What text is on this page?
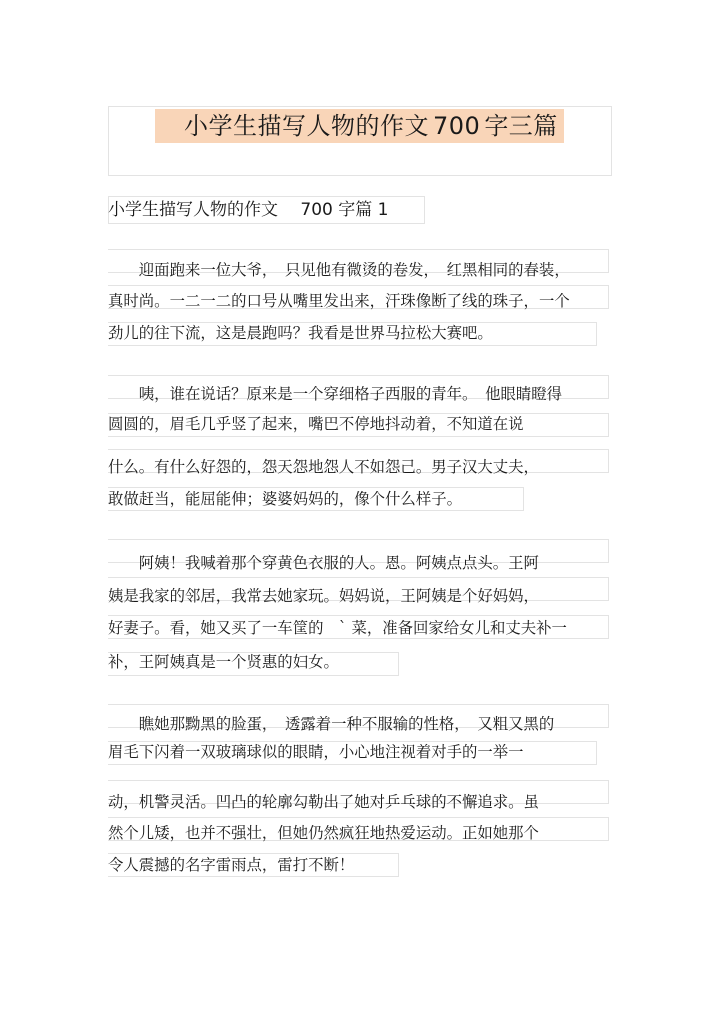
小学生描写人物的作文 700 字三篇
小学生描写人物的作文　 700 字篇 1
　　迎面跑来一位大爷，　只见他有微烫的卷发，　红黑相同的春装，
真时尚。一二一二的口号从嘴里发出来，汗珠像断了线的珠子，一个
劲儿的往下流，这是晨跑吗？我看是世界马拉松大赛吧。
　　咦，谁在说话？原来是一个穿细格子西服的青年。　他眼睛瞪得
圆圆的，眉毛几乎竖了起来，嘴巴不停地抖动着，不知道在说
什么。有什么好怨的，怨天怨地怨人不如怨己。男子汉大丈夫，
敢做赶当，能屈能伸；婆婆妈妈的，像个什么样子。
　　阿姨！我喊着那个穿黄色衣服的人。恩。阿姨点点头。王阿
姨是我家的邻居，我常去她家玩。妈妈说，王阿姨是个好妈妈，
好妻子。看，她又买了一车筐的　` 菜，准备回家给女儿和丈夫补一
补，王阿姨真是一个贤惠的妇女。
　　瞧她那黝黑的脸蛋，　透露着一种不服输的性格，　又粗又黑的
眉毛下闪着一双玻璃球似的眼睛，小心地注视着对手的一举一
动，机警灵活。凹凸的轮廓勾勒出了她对乒乓球的不懈追求。虽
然个儿矮，也并不强壮，但她仍然疯狂地热爱运动。正如她那个
令人震撼的名字雷雨点，雷打不断！
